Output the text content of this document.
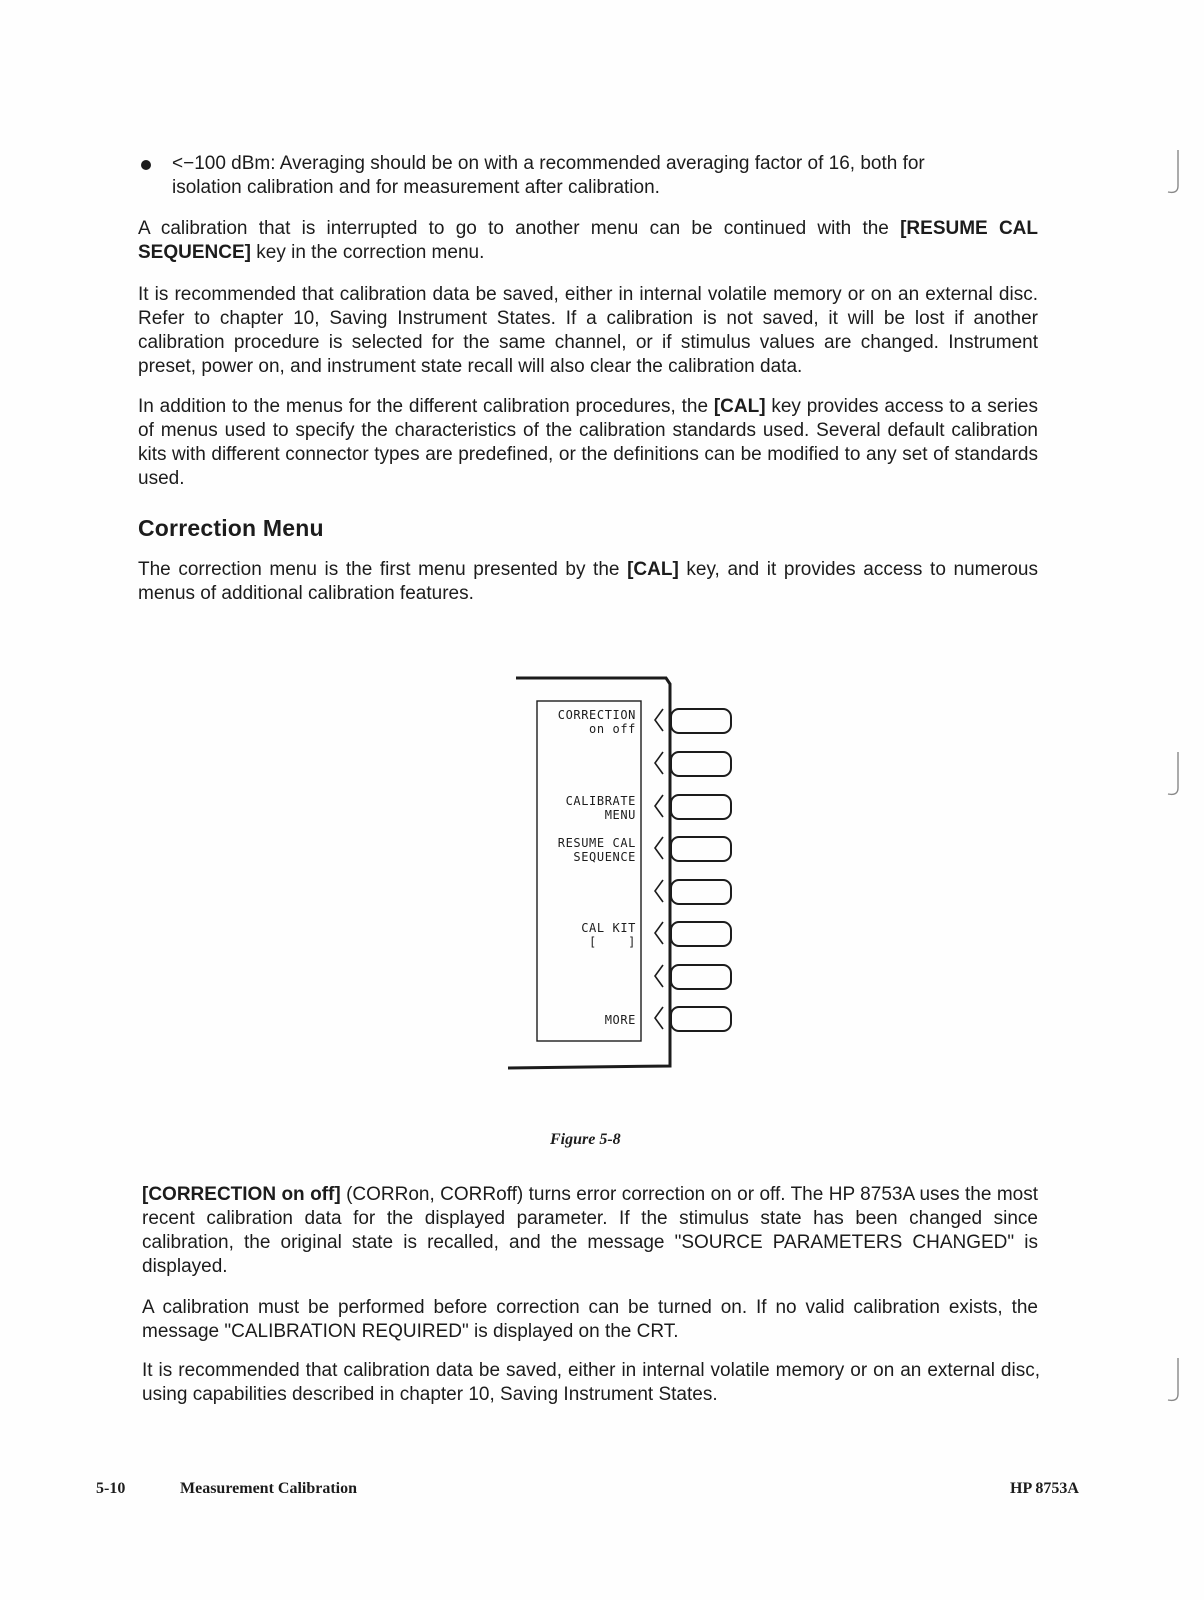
<−100 dBm: Averaging should be on with a recommended averaging factor of 16, both for

isolation calibration and for measurement after calibration.

A calibration that is interrupted to go to another menu can be continued with the [RESUME CAL SEQUENCE] key in the correction menu.

It is recommended that calibration data be saved, either in internal volatile memory or on an external disc. Refer to chapter 10, Saving Instrument States. If a calibration is not saved, it will be lost if another calibration procedure is selected for the same channel, or if stimulus values are changed. Instrument preset, power on, and instrument state recall will also clear the calibration data.

In addition to the menus for the different calibration procedures, the [CAL] key provides access to a series of menus used to specify the characteristics of the calibration standards used. Several default calibration kits with different connector types are predefined, or the definitions can be modified to any set of standards used.

Correction Menu

The correction menu is the first menu presented by the [CAL] key, and it provides access to numerous menus of additional calibration features.

CORRECTION
on off
CALIBRATE
MENU
RESUME CAL
SEQUENCE
CAL KIT
[    ]
MORE
Figure 5-8

[CORRECTION on off] (CORRon, CORRoff) turns error correction on or off. The HP 8753A uses the most recent calibration data for the displayed parameter. If the stimulus state has been changed since calibration, the original state is recalled, and the message "SOURCE PARAMETERS CHANGED" is displayed.

A calibration must be performed before correction can be turned on. If no valid calibration exists, the message "CALIBRATION REQUIRED" is displayed on the CRT.

It is recommended that calibration data be saved, either in internal volatile memory or on an external disc, using capabilities described in chapter 10, Saving Instrument States.

5-10	Measurement Calibration	HP 8753A
